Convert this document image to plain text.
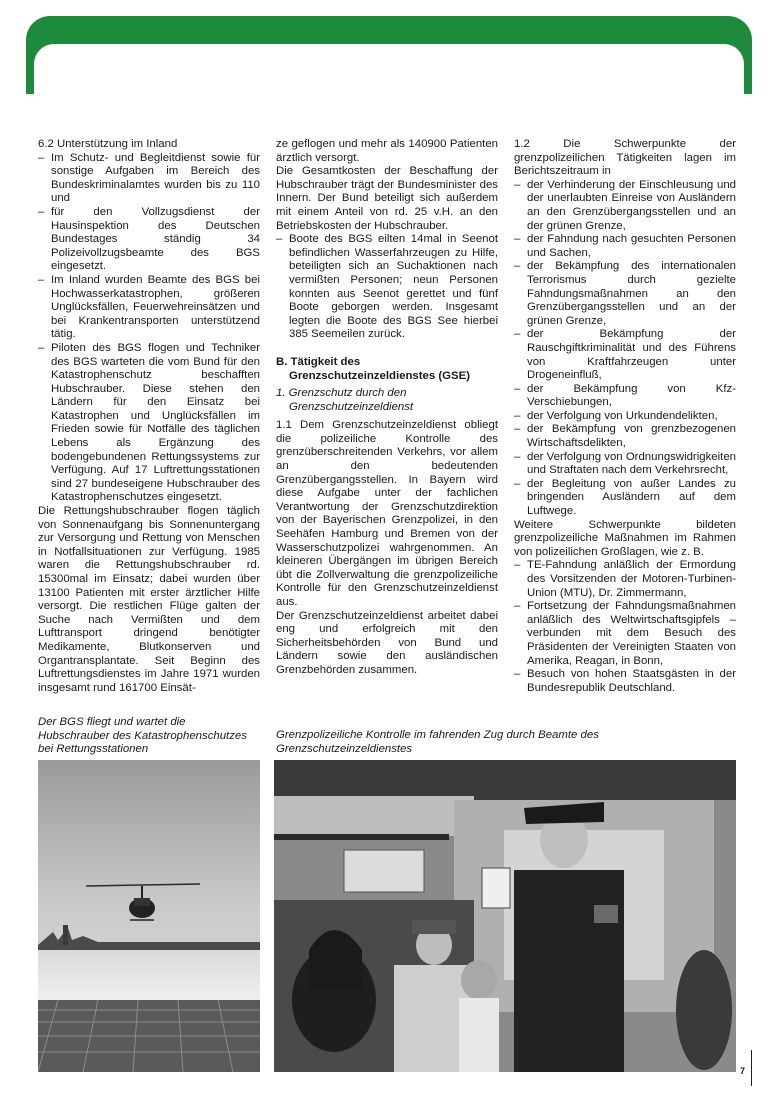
6.2 Unterstützung im Inland

– Im Schutz- und Begleitdienst sowie für sonstige Aufgaben im Bereich des Bundeskriminalamtes wurden bis zu 110 und
– für den Vollzugsdienst der Hausinspektion des Deutschen Bundestages ständig 34 Polizeivollzugsbeamte des BGS eingesetzt.
– Im Inland wurden Beamte des BGS bei Hochwasserkatastrophen, größeren Unglücksfällen, Feuerwehreinsätzen und bei Krankentransporten unterstützend tätig.
– Piloten des BGS flogen und Techniker des BGS warteten die vom Bund für den Katastrophenschutz beschafften Hubschrauber. Diese stehen den Ländern für den Einsatz bei Katastrophen und Unglücksfällen im Frieden sowie für Notfälle des täglichen Lebens als Ergänzung des bodengebundenen Rettungssystems zur Verfügung. Auf 17 Luftrettungsstationen sind 27 bundeseigene Hubschrauber des Katastrophenschutzes eingesetzt.

Die Rettungshubschrauber flogen täglich von Sonnenaufgang bis Sonnenuntergang zur Versorgung und Rettung von Menschen in Notfallsituationen zur Verfügung. 1985 waren die Rettungshubschrauber rd. 15300mal im Einsatz; dabei wurden über 13100 Patienten mit erster ärztlicher Hilfe versorgt. Die restlichen Flüge galten der Suche nach Vermißten und dem Lufttransport dringend benötigter Medikamente, Blutkonserven und Organtransplantate. Seit Beginn des Luftrettungsdienstes im Jahre 1971 wurden insgesamt rund 161700 Einsät-

ze geflogen und mehr als 140900 Patienten ärztlich versorgt.

Die Gesamtkosten der Beschaffung der Hubschrauber trägt der Bundesminister des Innern. Der Bund beteiligt sich außerdem mit einem Anteil von rd. 25 v.H. an den Betriebskosten der Hubschrauber.

– Boote des BGS eilten 14mal in Seenot befindlichen Wasserfahrzeugen zu Hilfe, beteiligten sich an Suchaktionen nach vermißten Personen; neun Personen konnten aus Seenot gerettet und fünf Boote geborgen werden. Insgesamt legten die Boote des BGS See hierbei 385 Seemeilen zurück.
B. Tätigkeit des Grenzschutzeinzeldienstes (GSE)
1. Grenzschutz durch den Grenzschutzeinzeldienst

1.1 Dem Grenzschutzeinzeldienst obliegt die polizeiliche Kontrolle des grenzüberschreitenden Verkehrs, vor allem an den bedeutenden Grenzübergangsstellen. In Bayern wird diese Aufgabe unter der fachlichen Verantwortung der Grenzschutzdirektion von der Bayerischen Grenzpolizei, in den Seehäfen Hamburg und Bremen von der Wasserschutzpolizei wahrgenommen. An kleineren Übergängen im übrigen Bereich übt die Zollverwaltung die grenzpolizeiliche Kontrolle für den Grenzschutzeinzeldienst aus.

Der Grenzschutzeinzeldienst arbeitet dabei eng und erfolgreich mit den Sicherheitsbehörden von Bund und Ländern sowie den ausländischen Grenzbehörden zusammen.

1.2 Die Schwerpunkte der grenzpolizeilichen Tätigkeiten lagen im Berichtszeitraum in

– der Verhinderung der Einschleusung und der unerlaubten Einreise von Ausländern an den Grenzübergangsstellen und an der grünen Grenze,
– der Fahndung nach gesuchten Personen und Sachen,
– der Bekämpfung des internationalen Terrorismus durch gezielte Fahndungsmaßnahmen an den Grenzübergangsstellen und an der grünen Grenze,
– der Bekämpfung der Rauschgiftkriminalität und des Führens von Kraftfahrzeugen unter Drogeneinfluß,
– der Bekämpfung von Kfz-Verschiebungen,
– der Verfolgung von Urkundendelikten,
– der Bekämpfung von grenzbezogenen Wirtschaftsdelikten,
– der Verfolgung von Ordnungswidrigkeiten und Straftaten nach dem Verkehrsrecht,
– der Begleitung von außer Landes zu bringenden Ausländern auf dem Luftwege.

Weitere Schwerpunkte bildeten grenzpolizeiliche Maßnahmen im Rahmen von polizeilichen Großlagen, wie z. B.

– TE-Fahndung anläßlich der Ermordung des Vorsitzenden der Motoren-Turbinen-Union (MTU), Dr. Zimmermann,
– Fortsetzung der Fahndungsmaßnahmen anläßlich des Weltwirtschaftsgipfels – verbunden mit dem Besuch des Präsidenten der Vereinigten Staaten von Amerika, Reagan, in Bonn,
– Besuch von hohen Staatsgästen in der Bundesrepublik Deutschland.
Der BGS fliegt und wartet die Hubschrauber des Katastrophenschutzes bei Rettungsstationen
Grenzpolizeiliche Kontrolle im fahrenden Zug durch Beamte des Grenzschutzeinzeldienstes
7
